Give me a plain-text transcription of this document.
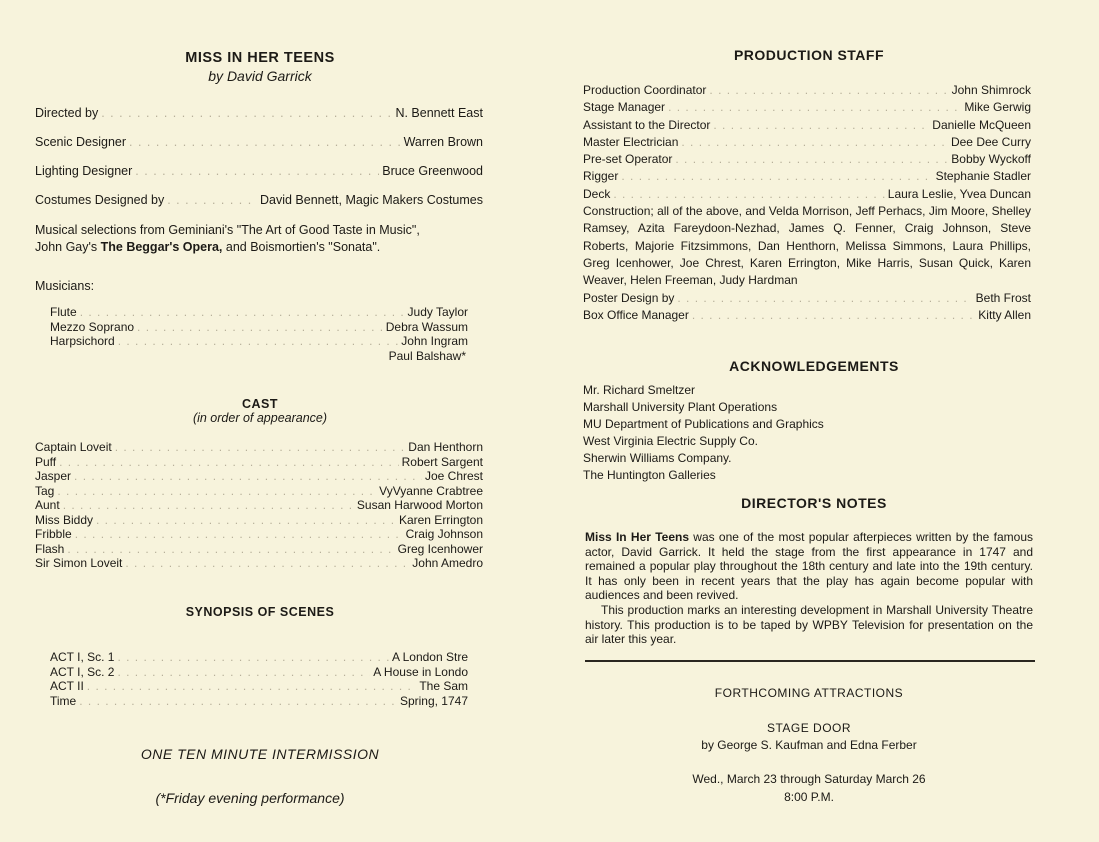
MISS IN HER TEENS
by David Garrick
Directed by . . .	N. Bennett East
Scenic Designer . . .	Warren Brown
Lighting Designer . . .	Bruce Greenwood
Costumes Designed by . . .	David Bennett, Magic Makers Costumes
Musical selections from Geminiani's "The Art of Good Taste in Music",
John Gay's The Beggar's Opera, and Boismortien's "Sonata".
Musicians:
Flute . . .	Judy Taylor
Mezzo Soprano . . .	Debra Wassum
Harpsichord . . .	John Ingram
Paul Balshaw*
CAST
(in order of appearance)
Captain Loveit . . .	Dan Henthorn
Puff . . .	Robert Sargent
Jasper . . .	Joe Chrest
Tag . . .	VyVyanne Crabtree
Aunt . . .	Susan Harwood Morton
Miss Biddy . . .	Karen Errington
Fribble . . .	Craig Johnson
Flash . . .	Greg Icenhower
Sir Simon Loveit . . .	John Amedro
SYNOPSIS OF SCENES
ACT I, Sc. 1 . . .	A London Stre
ACT I, Sc. 2 . . .	A House in Londo
ACT II . . .	The Sam
Time . . .	Spring, 1747
ONE TEN MINUTE INTERMISSION
(*Friday evening performance)
PRODUCTION STAFF
Production Coordinator . . .	John Shimrock
Stage Manager . . .	Mike Gerwig
Assistant to the Director . . .	Danielle McQueen
Master Electrician . . .	Dee Dee Curry
Pre-set Operator . . .	Bobby Wyckoff
Rigger . . .	Stephanie Stadler
Deck . . .	Laura Leslie, Yvea Duncan
Construction; all of the above, and Velda Morrison, Jeff Perhacs, Jim Moore, Shelley Ramsey, Azita Fareydoon-Nezhad, James Q. Fenner, Craig Johnson, Steve Roberts, Majorie Fitzsimmons, Dan Henthorn, Melissa Simmons, Laura Phillips, Greg Icenhower, Joe Chrest, Karen Errington, Mike Harris, Susan Quick, Karen Weaver, Helen Freeman, Judy Hardman
Poster Design by . . .	Beth Frost
Box Office Manager . . .	Kitty Allen
ACKNOWLEDGEMENTS
Mr. Richard Smeltzer
Marshall University Plant Operations
MU Department of Publications and Graphics
West Virginia Electric Supply Co.
Sherwin Williams Company.
The Huntington Galleries
DIRECTOR'S NOTES
Miss In Her Teens was one of the most popular afterpieces written by the famous actor, David Garrick. It held the stage from the first appearance in 1747 and remained a popular play throughout the 18th century and late into the 19th century. It has only been in recent years that the play has again become popular with audiences and been revived.
This production marks an interesting development in Marshall University Theatre history. This production is to be taped by WPBY Television for presentation on the air later this year.
FORTHCOMING ATTRACTIONS
STAGE DOOR
by George S. Kaufman and Edna Ferber
Wed., March 23 through Saturday March 26
8:00 P.M.
